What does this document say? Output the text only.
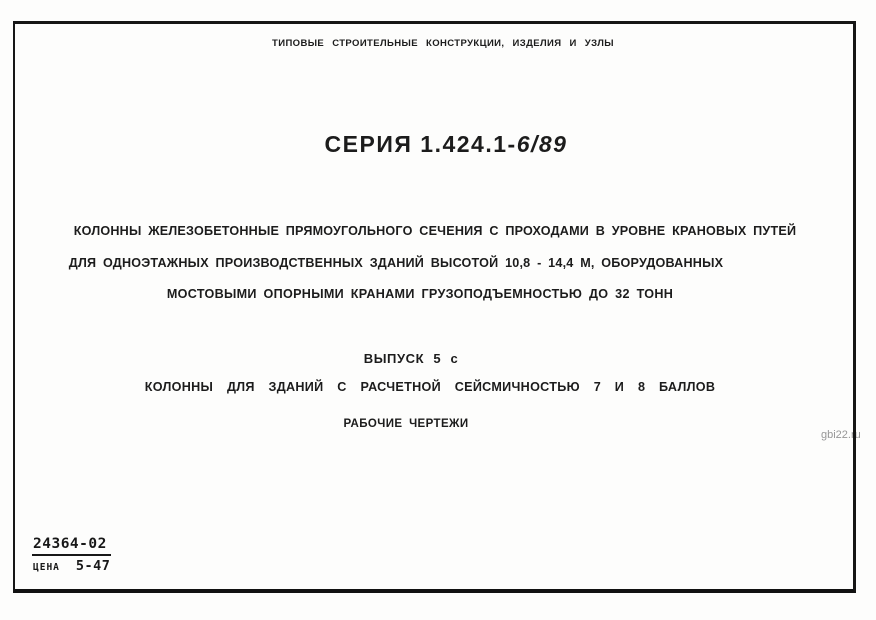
ТИПОВЫЕ СТРОИТЕЛЬНЫЕ КОНСТРУКЦИИ, ИЗДЕЛИЯ И УЗЛЫ
СЕРИЯ 1.424.1-6/89
КОЛОННЫ ЖЕЛЕЗОБЕТОННЫЕ ПРЯМОУГОЛЬНОГО СЕЧЕНИЯ С ПРОХОДАМИ В УРОВНЕ КРАНОВЫХ ПУТЕЙ
ДЛЯ ОДНОЭТАЖНЫХ ПРОИЗВОДСТВЕННЫХ ЗДАНИЙ ВЫСОТОЙ 10,8 - 14,4 М, ОБОРУДОВАННЫХ
МОСТОВЫМИ ОПОРНЫМИ КРАНАМИ ГРУЗОПОДЪЕМНОСТЬЮ ДО 32 ТОНН
ВЫПУСК 5 с
КОЛОННЫ ДЛЯ ЗДАНИЙ С РАСЧЕТНОЙ СЕЙСМИЧНОСТЬЮ 7 И 8 БАЛЛОВ
РАБОЧИЕ ЧЕРТЕЖИ
24364-02
ЦЕНА 5-47
gbi22.ru
